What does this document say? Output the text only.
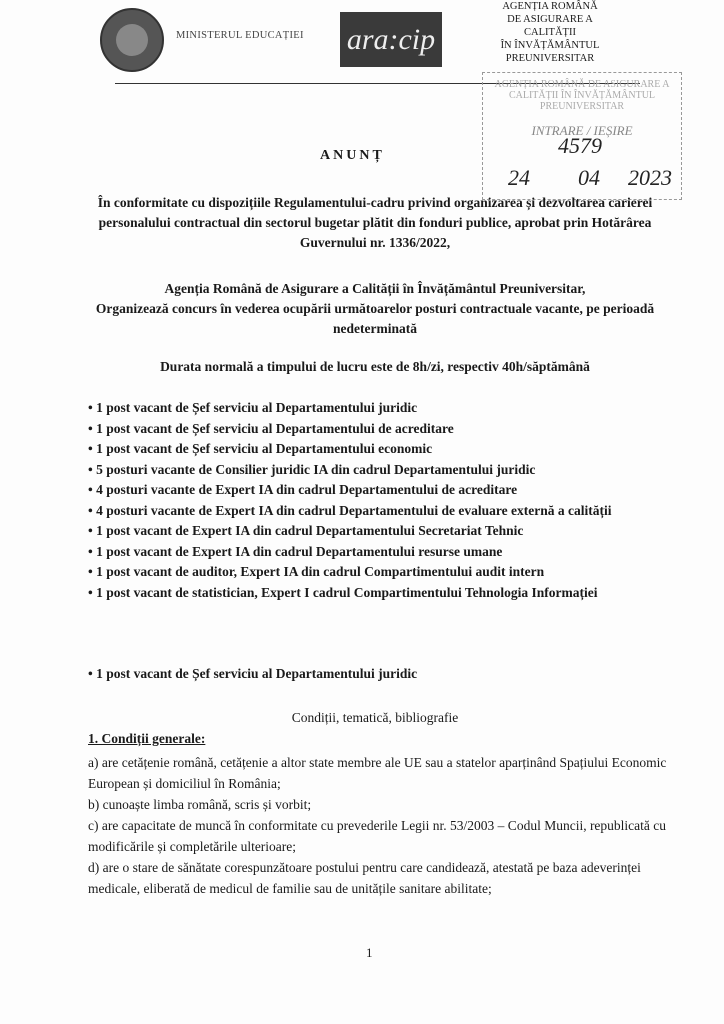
MINISTERUL EDUCAȚIEI ara:cip
AGENȚIA ROMÂNĂ
DE ASIGURARE A
CALITĂȚII
ÎN ÎNVĂȚĂMÂNTUL
PREUNIVERSITAR
AGENȚIA ROMÂNĂ DE ASIGURARE A CALITĂȚII ÎN ÎNVĂȚĂMÂNTUL PREUNIVERSITAR
INTRARE / IEȘIRE
4579
24 04 2023
ANUNȚ
În conformitate cu dispozițiile Regulamentului-cadru privind organizarea și dezvoltarea carierei personalului contractual din sectorul bugetar plătit din fonduri publice, aprobat prin Hotărârea Guvernului nr. 1336/2022,
Agenția Română de Asigurare a Calității în Învățământul Preuniversitar,
Organizează concurs în vederea ocupării următoarelor posturi contractuale vacante, pe perioadă nedeterminată
Durata normală a timpului de lucru este de 8h/zi, respectiv 40h/săptămână
• 1 post vacant de Șef serviciu al Departamentului juridic
• 1 post vacant de Șef serviciu al Departamentului de acreditare
• 1 post vacant de Șef serviciu al Departamentului economic
• 5 posturi vacante de Consilier juridic IA din cadrul Departamentului juridic
• 4 posturi vacante de Expert IA din cadrul Departamentului de acreditare
• 4 posturi vacante de Expert IA din cadrul Departamentului de evaluare externă a calității
• 1 post vacant de Expert IA din cadrul Departamentului Secretariat Tehnic
• 1 post vacant de Expert IA din cadrul Departamentului resurse umane
• 1 post vacant de auditor, Expert IA din cadrul Compartimentului audit intern
• 1 post vacant de statistician, Expert I cadrul Compartimentului Tehnologia Informației
• 1 post vacant de Șef serviciu al Departamentului juridic
Condiții, tematică, bibliografie
1. Condiții generale:
a) are cetățenie română, cetățenie a altor state membre ale UE sau a statelor aparținând Spațiului Economic European și domiciliul în România;
b) cunoaște limba română, scris și vorbit;
c) are capacitate de muncă în conformitate cu prevederile Legii nr. 53/2003 – Codul Muncii, republicată cu modificările și completările ulterioare;
d) are o stare de sănătate corespunzătoare postului pentru care candidează, atestată pe baza adeverinței medicale, eliberată de medicul de familie sau de unitățile sanitare abilitate;
1
